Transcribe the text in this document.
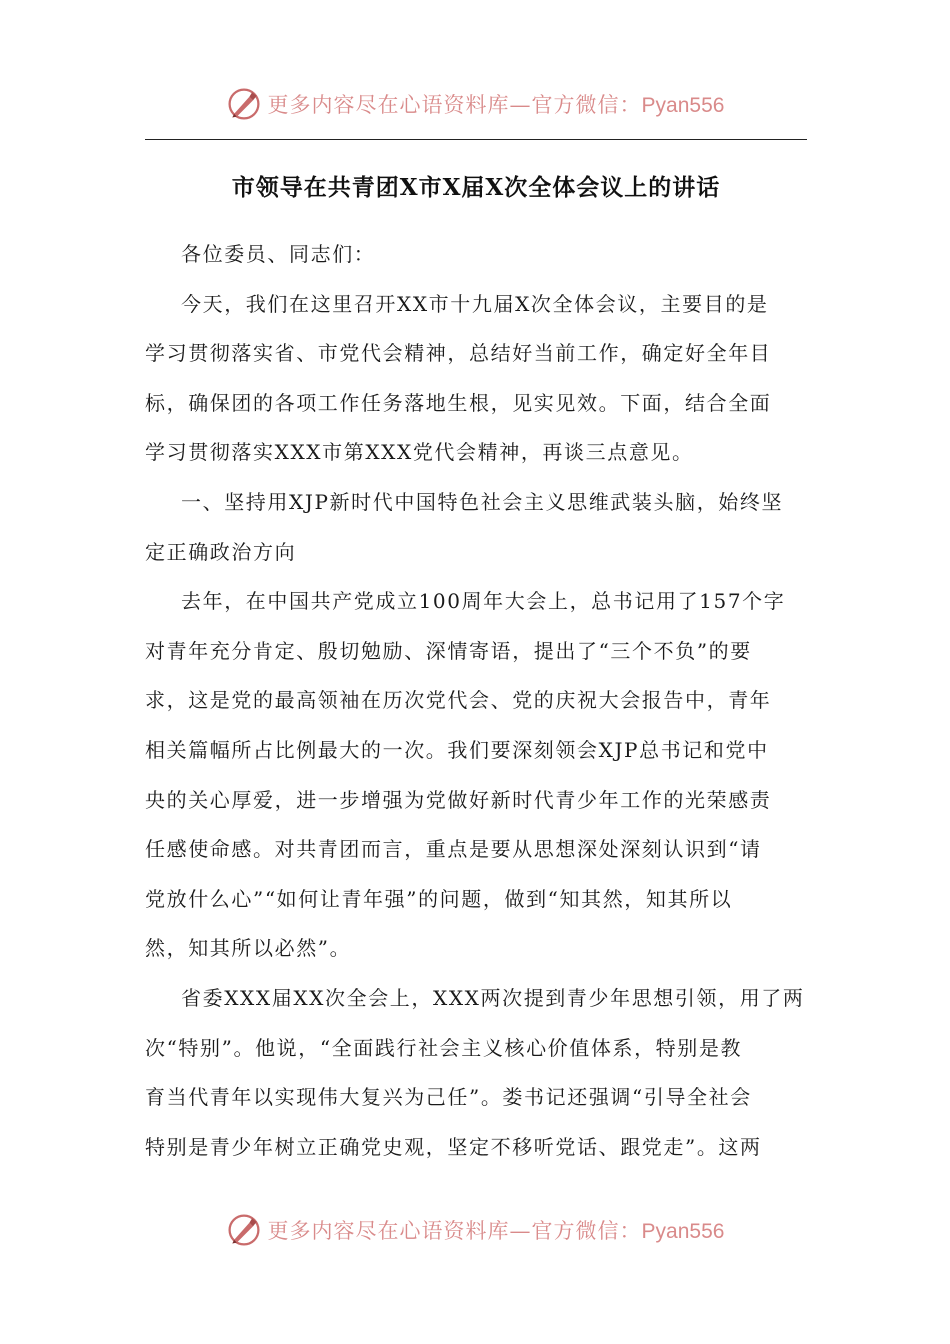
更多内容尽在心语资料库—官方微信：Pyan556
市领导在共青团X市X届X次全体会议上的讲话

各位委员、同志们：

今天，我们在这里召开XX市十九届X次全体会议，主要目的是
学习贯彻落实省、市党代会精神，总结好当前工作，确定好全年目
标，确保团的各项工作任务落地生根，见实见效。下面，结合全面
学习贯彻落实XXX市第XXX党代会精神，再谈三点意见。

一、坚持用XJP新时代中国特色社会主义思维武装头脑，始终坚
定正确政治方向

去年，在中国共产党成立100周年大会上，总书记用了157个字
对青年充分肯定、殷切勉励、深情寄语，提出了“三个不负”的要
求，这是党的最高领袖在历次党代会、党的庆祝大会报告中，青年
相关篇幅所占比例最大的一次。我们要深刻领会XJP总书记和党中
央的关心厚爱，进一步增强为党做好新时代青少年工作的光荣感责
任感使命感。对共青团而言，重点是要从思想深处深刻认识到“请
党放什么心”“如何让青年强”的问题，做到“知其然，知其所以
然，知其所以必然”。

省委XXX届XX次全会上，XXX两次提到青少年思想引领，用了两
次“特别”。他说，“全面践行社会主义核心价值体系，特别是教
育当代青年以实现伟大复兴为己任”。娄书记还强调“引导全社会
特别是青少年树立正确党史观，坚定不移听党话、跟党走”。这两

更多内容尽在心语资料库—官方微信：Pyan556
